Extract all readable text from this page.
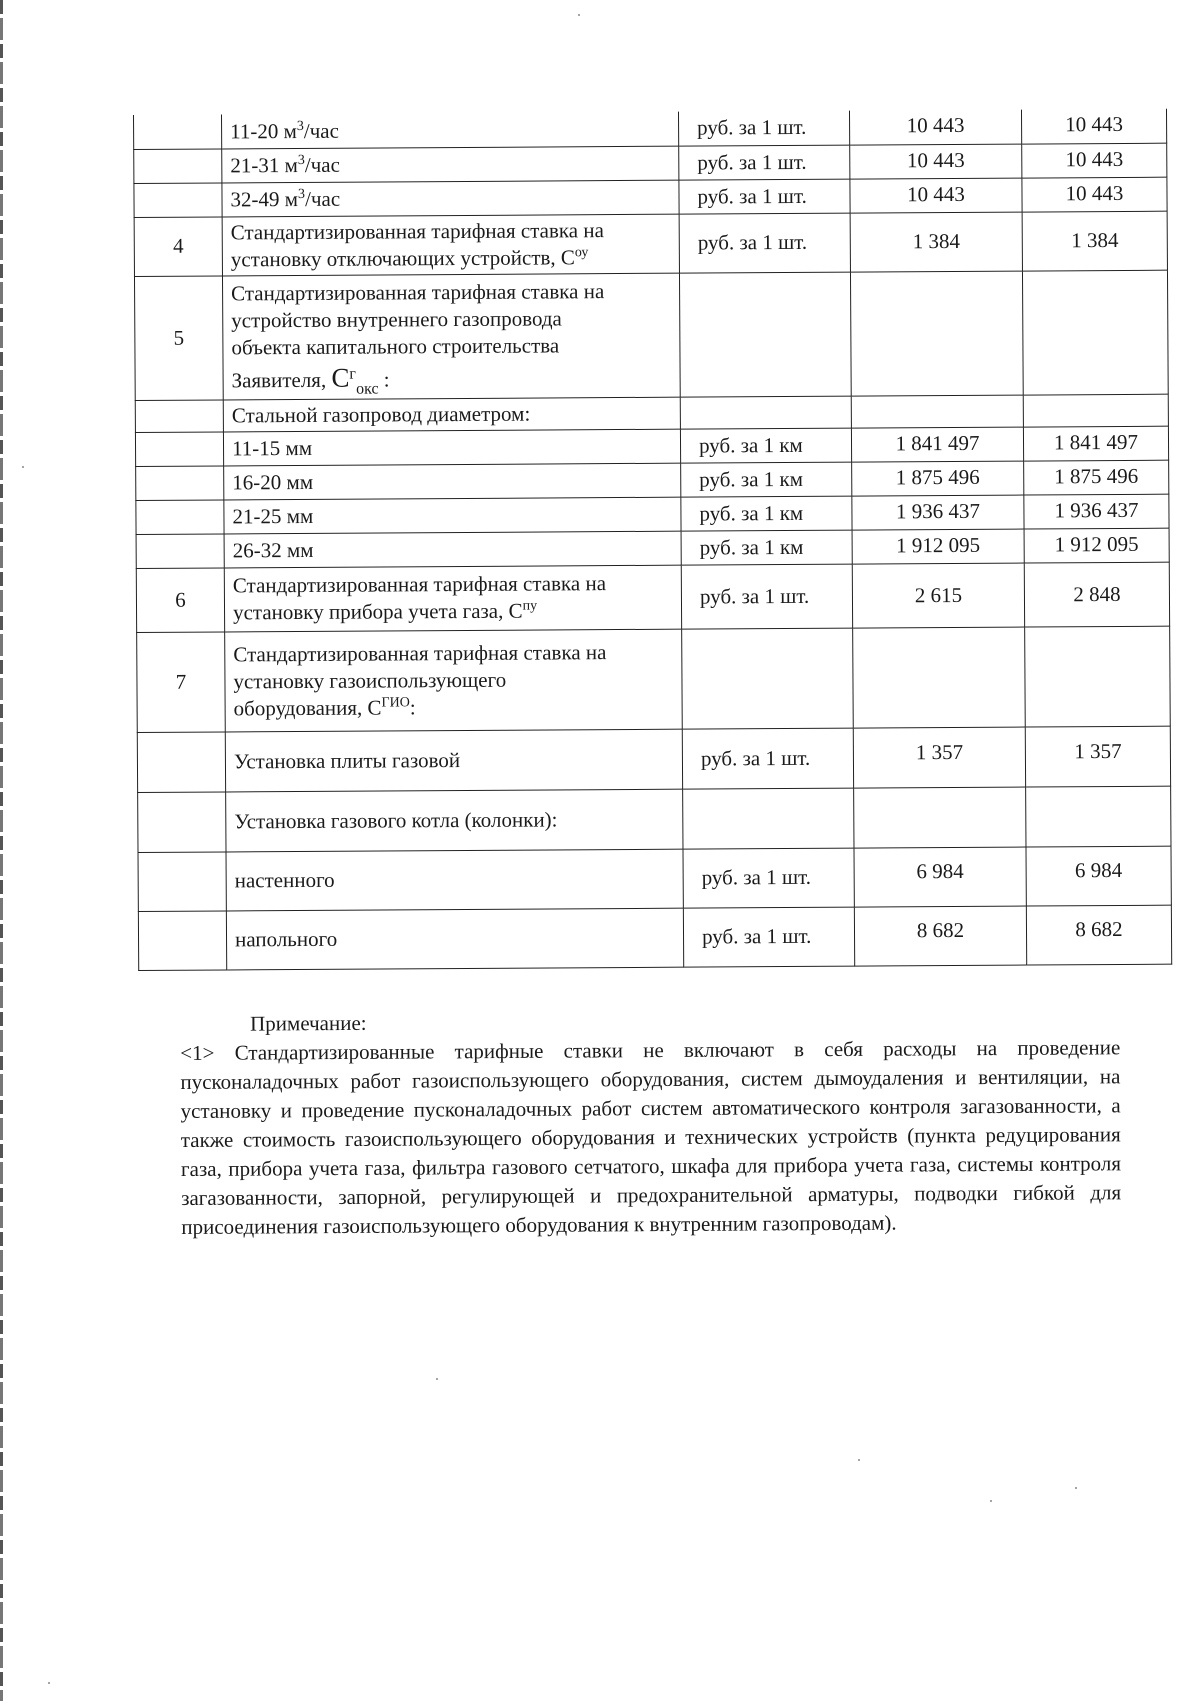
	11-20 $м^3$/час	руб. за 1 шт.	10 443	10 443
	21-31 $м^3$/час	руб. за 1 шт.	10 443	10 443
	32-49 $м^3$/час	руб. за 1 шт.	10 443	10 443
4	Стандартизированная тарифная ставка на
установку отключающих устройств, $С^{оу}$	руб. за 1 шт.	1 384	1 384
5	Стандартизированная тарифная ставка на
устройство внутреннего газопровода
объекта капитального строительства
Заявителя, $С^г_{окс}$ :			

	Стальной газопровод диаметром:			
	11-15 мм	руб. за 1 км	1 841 497	1 841 497
	16-20 мм	руб. за 1 км	1 875 496	1 875 496
	21-25 мм	руб. за 1 км	1 936 437	1 936 437
	26-32 мм	руб. за 1 км	1 912 095	1 912 095
6	Стандартизированная тарифная ставка на
установку прибора учета газа, $С^{пу}$	руб. за 1 шт.	2 615	2 848
7	Стандартизированная тарифная ставка на
установку газоиспользующего
оборудования, $С^{ГИО}$:			

	Установка плиты газовой	руб. за 1 шт.	1 357	1 357
	Установка газового котла (колонки):			
	настенного	руб. за 1 шт.	6 984	6 984
	напольного	руб. за 1 шт.	8 682	8 682
Примечание:
<1> Стандартизированные тарифные ставки не включают в себя расходы на проведение пусконаладочных работ газоиспользующего оборудования, систем дымоудаления и вентиляции, на установку и проведение пусконаладочных работ систем автоматического контроля загазованности, а также стоимость газоиспользующего оборудования и технических устройств (пункта редуцирования газа, прибора учета газа, фильтра газового сетчатого, шкафа для прибора учета газа, системы контроля загазованности, запорной, регулирующей и предохранительной арматуры, подводки гибкой для присоединения газоиспользующего оборудования к внутренним газопроводам).
